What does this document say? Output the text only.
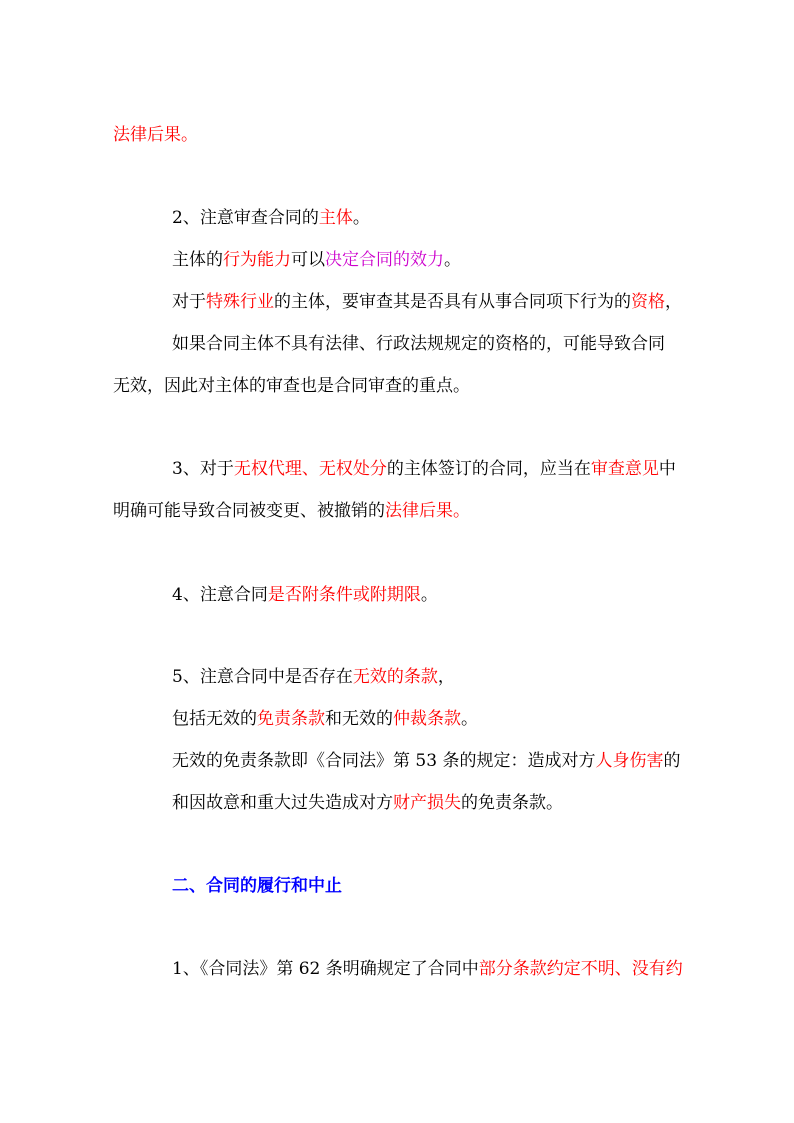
法律后果。
2、注意审查合同的主体。
主体的行为能力可以决定合同的效力。
对于特殊行业的主体，要审查其是否具有从事合同项下行为的资格，
如果合同主体不具有法律、行政法规规定的资格的，可能导致合同
无效，因此对主体的审查也是合同审查的重点。
3、对于无权代理、无权处分的主体签订的合同，应当在审查意见中
明确可能导致合同被变更、被撤销的法律后果。
4、注意合同是否附条件或附期限。
5、注意合同中是否存在无效的条款，
包括无效的免责条款和无效的仲裁条款。
无效的免责条款即《合同法》第 53 条的规定：造成对方人身伤害的
和因故意和重大过失造成对方财产损失的免责条款。
二、合同的履行和中止
1、《合同法》第 62 条明确规定了合同中部分条款约定不明、没有约
